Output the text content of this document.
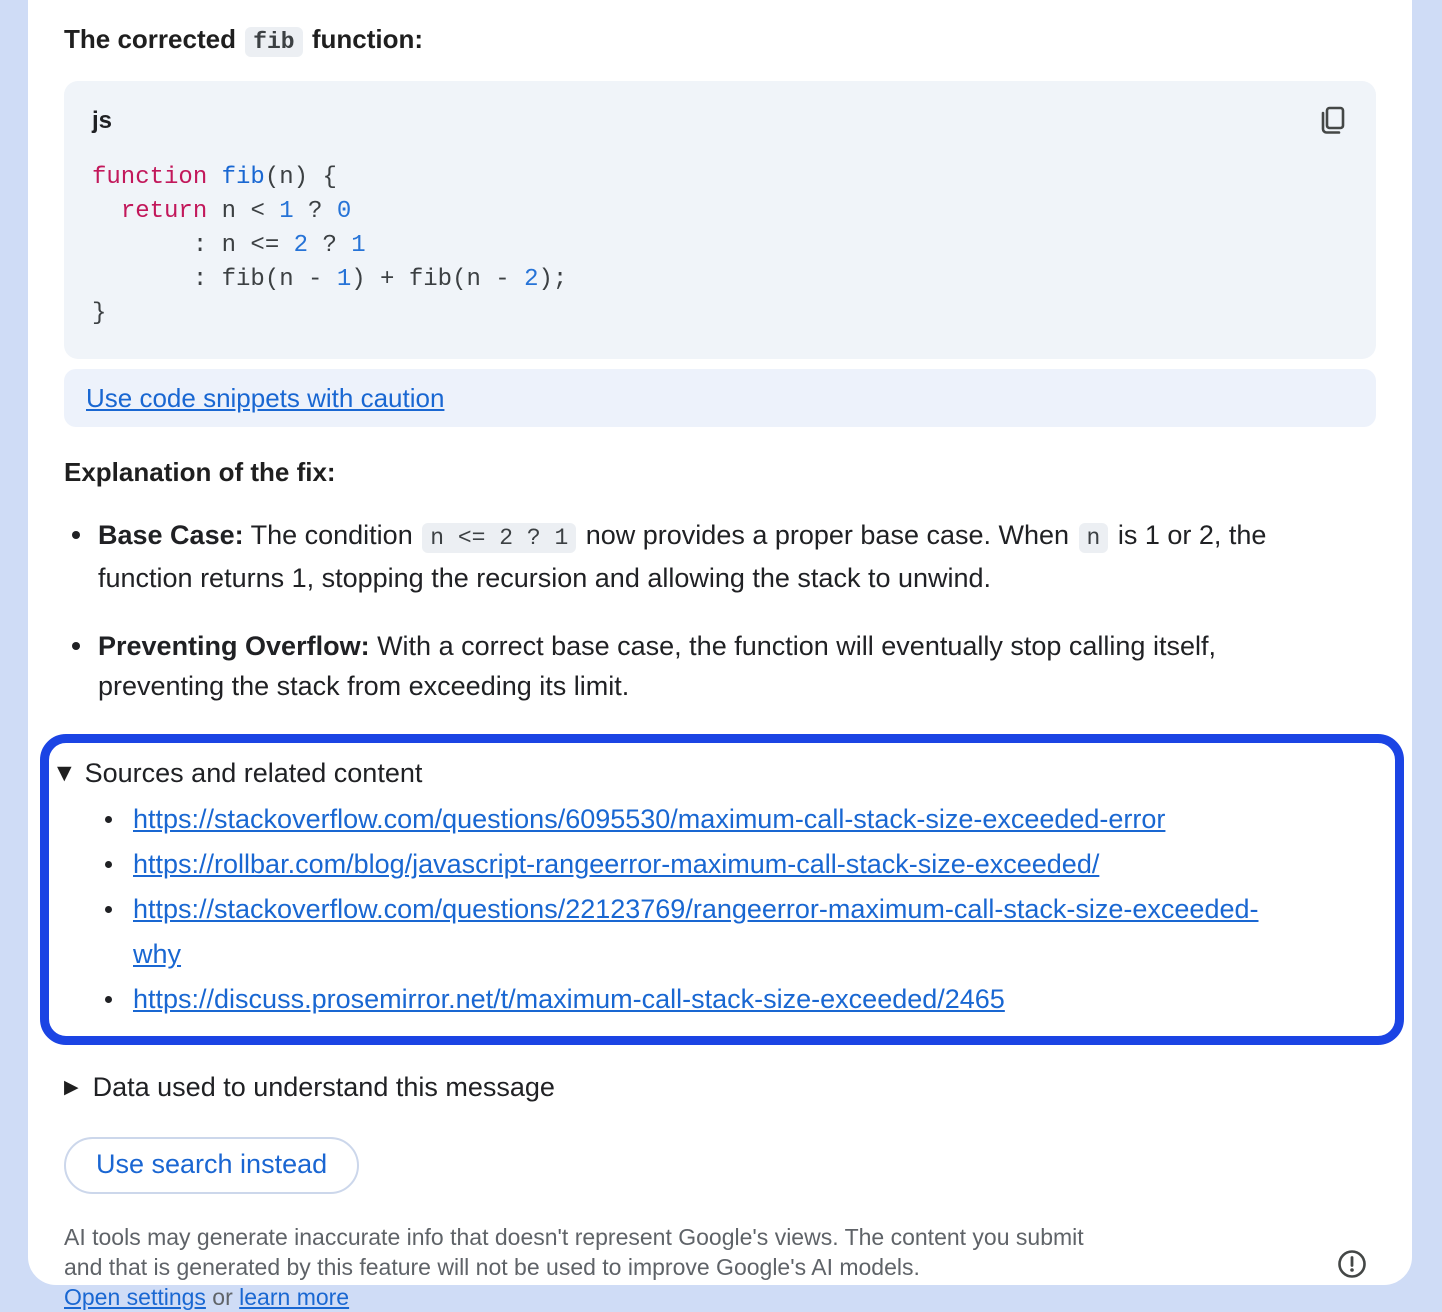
The corrected fib function:
js
function fib(n) {
return n < 1 ? 0
: n <= 2 ? 1
: fib(n - 1) + fib(n - 2);
}
Use code snippets with caution
Explanation of the fix:
Base Case: The condition n <= 2 ? 1 now provides a proper base case. When n is 1 or 2, the function returns 1, stopping the recursion and allowing the stack to unwind.
Preventing Overflow: With a correct base case, the function will eventually stop calling itself, preventing the stack from exceeding its limit.
▼ Sources and related content
https://stackoverflow.com/questions/6095530/maximum-call-stack-size-exceeded-error
https://rollbar.com/blog/javascript-rangeerror-maximum-call-stack-size-exceeded/
https://stackoverflow.com/questions/22123769/rangeerror-maximum-call-stack-size-exceeded-why
https://discuss.prosemirror.net/t/maximum-call-stack-size-exceeded/2465
▶ Data used to understand this message
Use search instead
AI tools may generate inaccurate info that doesn't represent Google's views. The content you submit and that is generated by this feature will not be used to improve Google's AI models.
Open settings or learn more
